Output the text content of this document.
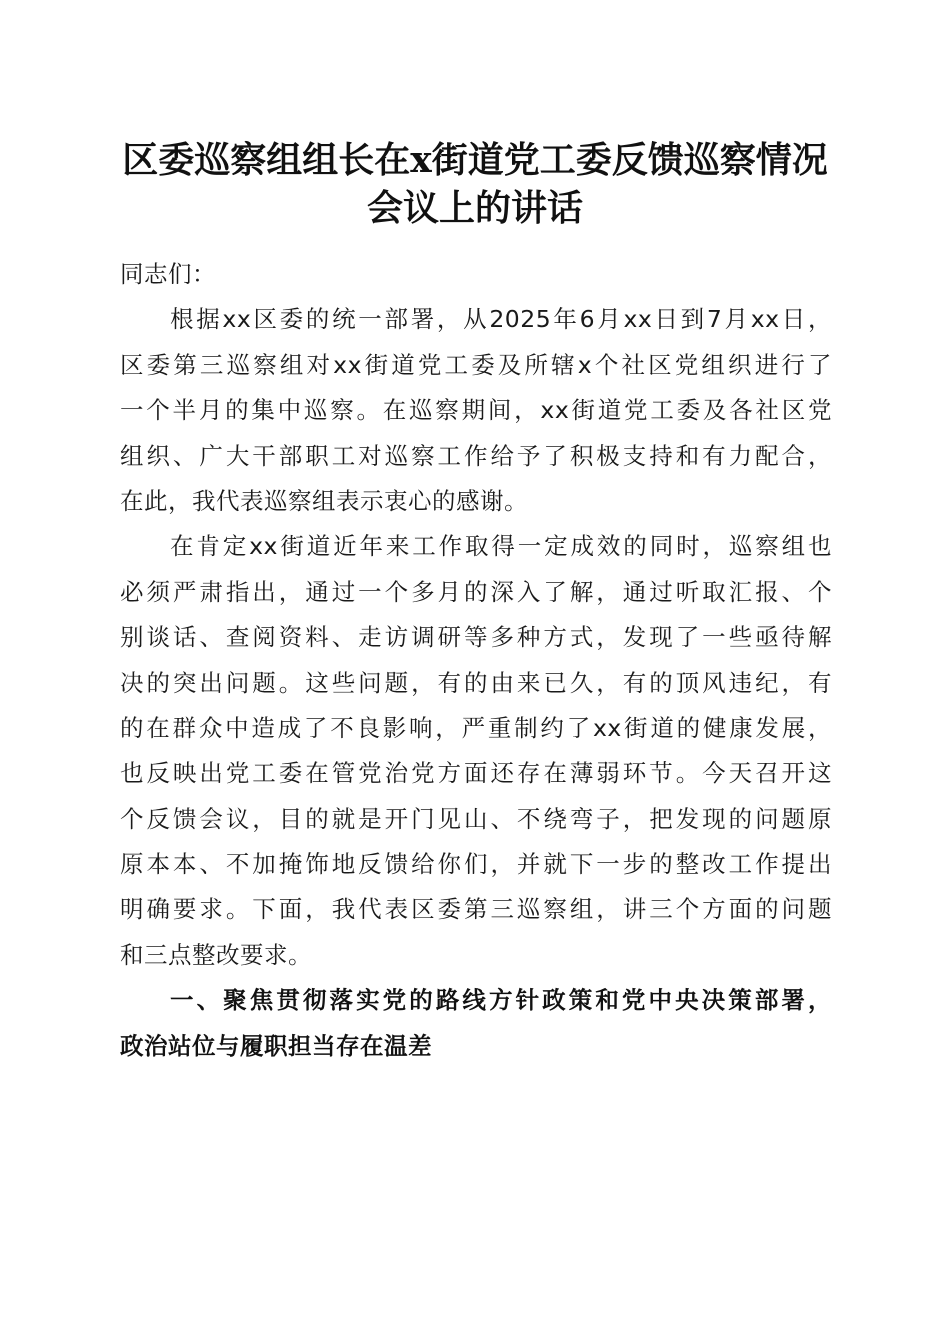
区委巡察组组长在x街道党工委反馈巡察情况
会议上的讲话
同志们：
根据xx区委的统一部署，从2025年6月xx日到7月xx日，
区委第三巡察组对xx街道党工委及所辖x个社区党组织进行了
一个半月的集中巡察。在巡察期间，xx街道党工委及各社区党
组织、广大干部职工对巡察工作给予了积极支持和有力配合，
在此，我代表巡察组表示衷心的感谢。
在肯定xx街道近年来工作取得一定成效的同时，巡察组也
必须严肃指出，通过一个多月的深入了解，通过听取汇报、个
别谈话、查阅资料、走访调研等多种方式，发现了一些亟待解
决的突出问题。这些问题，有的由来已久，有的顶风违纪，有
的在群众中造成了不良影响，严重制约了xx街道的健康发展，
也反映出党工委在管党治党方面还存在薄弱环节。今天召开这
个反馈会议，目的就是开门见山、不绕弯子，把发现的问题原
原本本、不加掩饰地反馈给你们，并就下一步的整改工作提出
明确要求。下面，我代表区委第三巡察组，讲三个方面的问题
和三点整改要求。
一、聚焦贯彻落实党的路线方针政策和党中央决策部署，
政治站位与履职担当存在温差
